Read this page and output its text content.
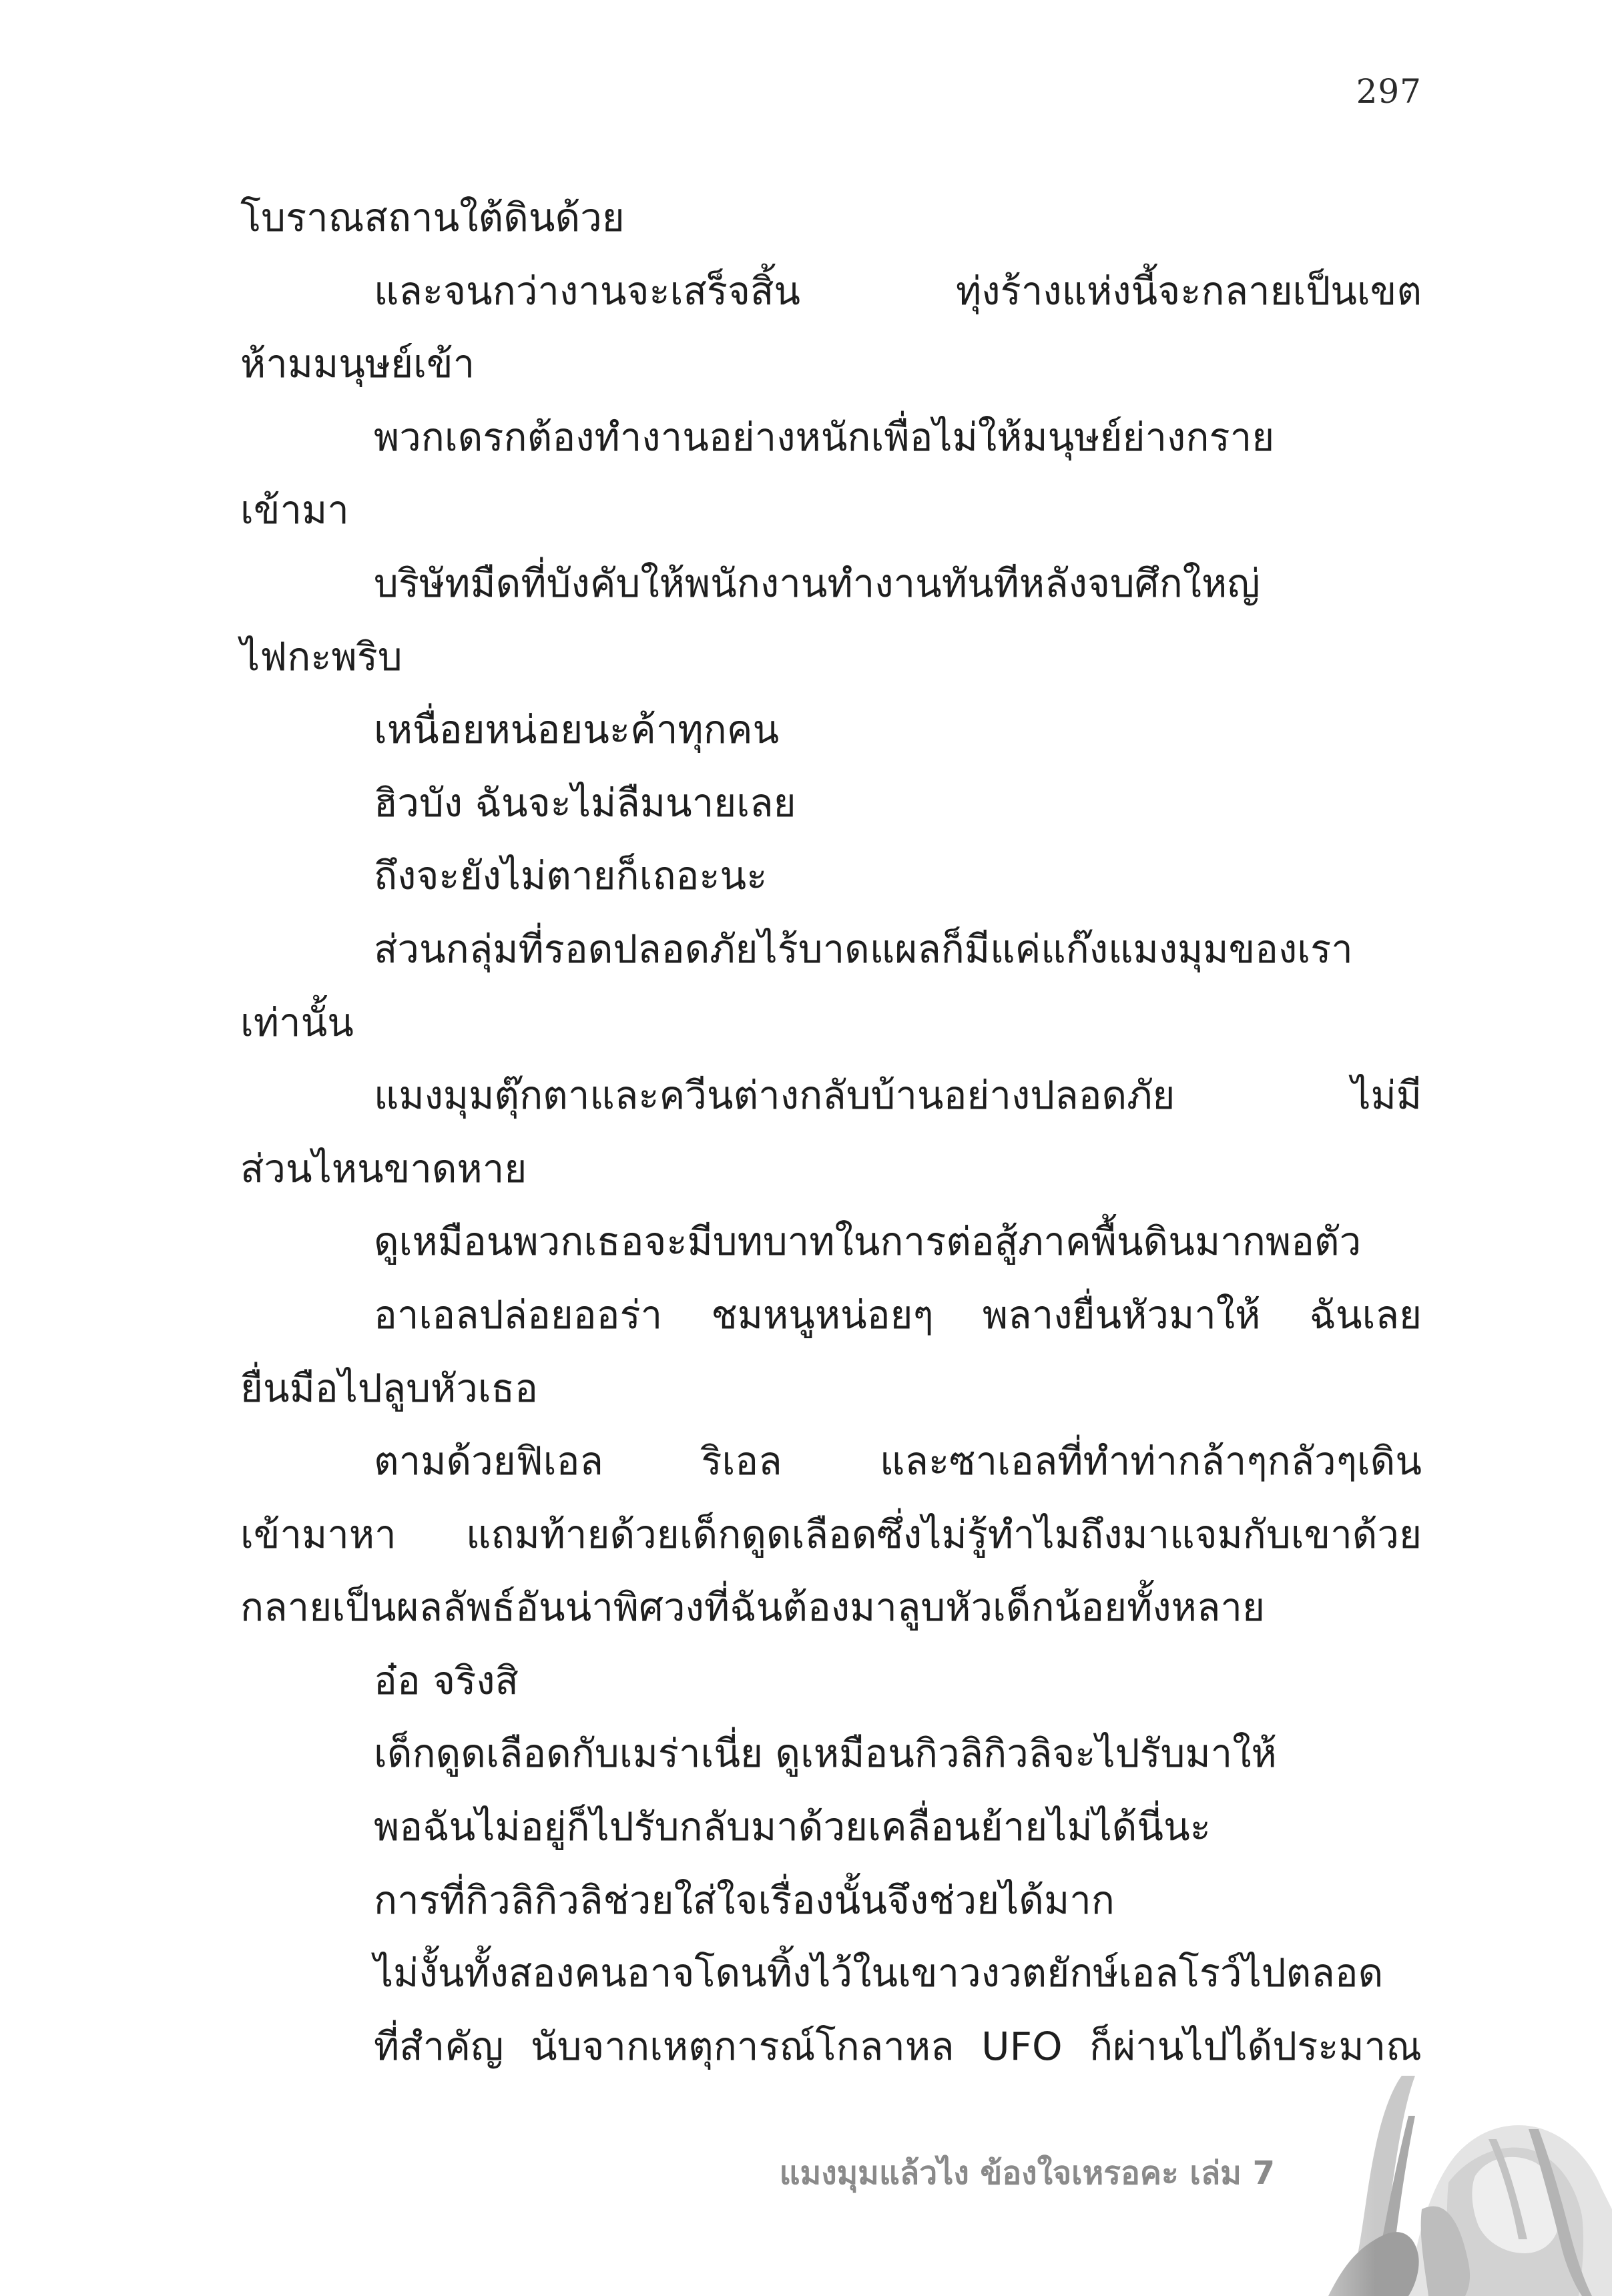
297
โบราณสถานใต้ดินด้วย
และจนกว่างานจะเสร็จสิ้น ทุ่งร้างแห่งนี้จะกลายเป็นเขต
ห้ามมนุษย์เข้า
พวกเดรกต้องทำงานอย่างหนักเพื่อไม่ให้มนุษย์ย่างกราย
เข้ามา
บริษัทมืดที่บังคับให้พนักงานทำงานทันทีหลังจบศึกใหญ่
ไฟกะพริบ
เหนื่อยหน่อยนะค้าทุกคน
ฮิวบัง ฉันจะไม่ลืมนายเลย
ถึงจะยังไม่ตายก็เถอะนะ
ส่วนกลุ่มที่รอดปลอดภัยไร้บาดแผลก็มีแค่แก๊งแมงมุมของเรา
เท่านั้น
แมงมุมตุ๊กตาและควีนต่างกลับบ้านอย่างปลอดภัย ไม่มี
ส่วนไหนขาดหาย
ดูเหมือนพวกเธอจะมีบทบาทในการต่อสู้ภาคพื้นดินมากพอตัว
อาเอลปล่อยออร่า ชมหนูหน่อยๆ พลางยื่นหัวมาให้ ฉันเลย
ยื่นมือไปลูบหัวเธอ
ตามด้วยฟิเอล ริเอล และซาเอลที่ทำท่ากล้าๆกลัวๆเดิน
เข้ามาหา แถมท้ายด้วยเด็กดูดเลือดซึ่งไม่รู้ทำไมถึงมาแจมกับเขาด้วย
กลายเป็นผลลัพธ์อันน่าพิศวงที่ฉันต้องมาลูบหัวเด็กน้อยทั้งหลาย
อ๋อ จริงสิ
เด็กดูดเลือดกับเมร่าเนี่ย ดูเหมือนกิวลิกิวลิจะไปรับมาให้
พอฉันไม่อยู่ก็ไปรับกลับมาด้วยเคลื่อนย้ายไม่ได้นี่นะ
การที่กิวลิกิวลิช่วยใส่ใจเรื่องนั้นจึงช่วยได้มาก
ไม่งั้นทั้งสองคนอาจโดนทิ้งไว้ในเขาวงวตยักษ์เอลโรว์ไปตลอด
ที่สำคัญ นับจากเหตุการณ์โกลาหล UFO ก็ผ่านไปได้ประมาณ
แมงมุมแล้วไง ข้องใจเหรอคะ เล่ม 7
